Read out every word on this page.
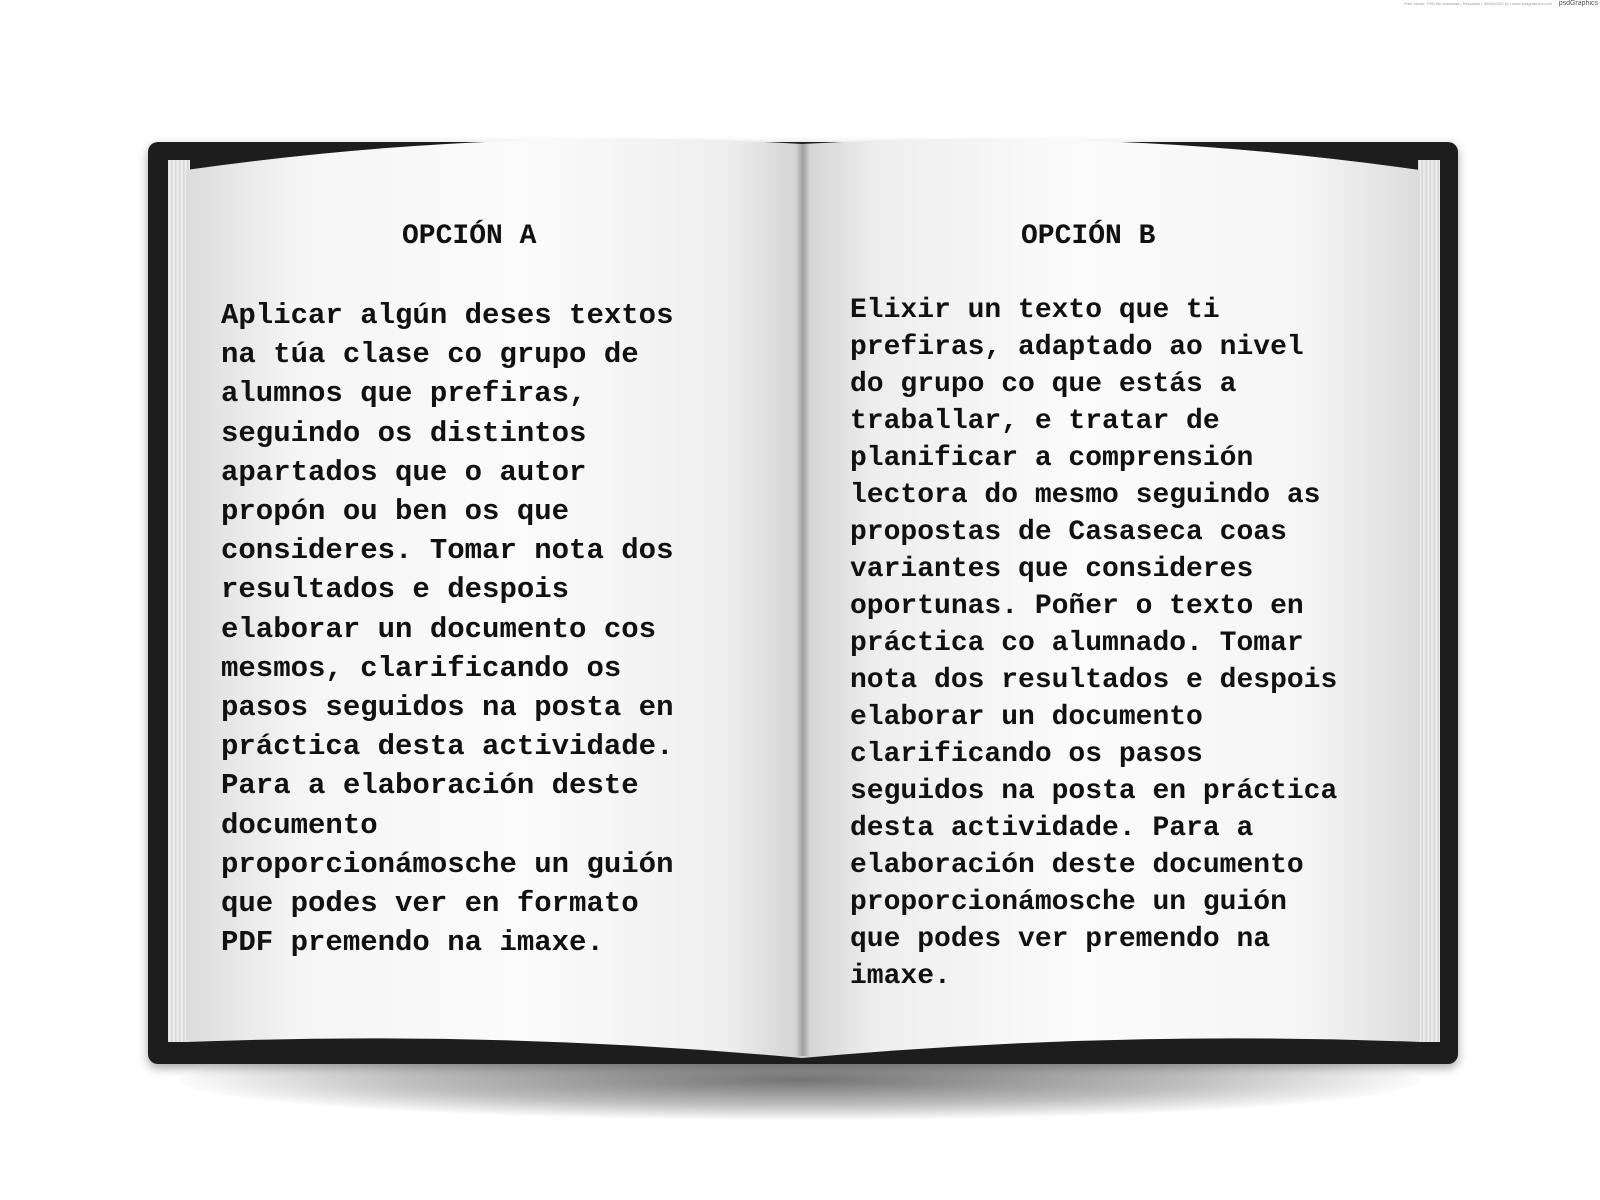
Free Vector, PSD file download | Resolution: 3000x2250 px | www.psdgraphics.com psdGraphics
OPCIÓN A

Aplicar algún deses textos
na túa clase co grupo de
alumnos que prefiras,
seguindo os distintos
apartados que o autor
propón ou ben os que
consideres. Tomar nota dos
resultados e despois
elaborar un documento cos
mesmos, clarificando os
pasos seguidos na posta en
práctica desta actividade.
Para a elaboración deste
documento
proporcionámosche un guión
que podes ver en formato
PDF premendo na imaxe.

OPCIÓN B

Elixir un texto que ti
prefiras, adaptado ao nivel
do grupo co que estás a
traballar, e tratar de
planificar a comprensión
lectora do mesmo seguindo as
propostas de Casaseca coas
variantes que consideres
oportunas. Poñer o texto en
práctica co alumnado. Tomar
nota dos resultados e despois
elaborar un documento
clarificando os pasos
seguidos na posta en práctica
desta actividade. Para a
elaboración deste documento
proporcionámosche un guión
que podes ver premendo na
imaxe.
